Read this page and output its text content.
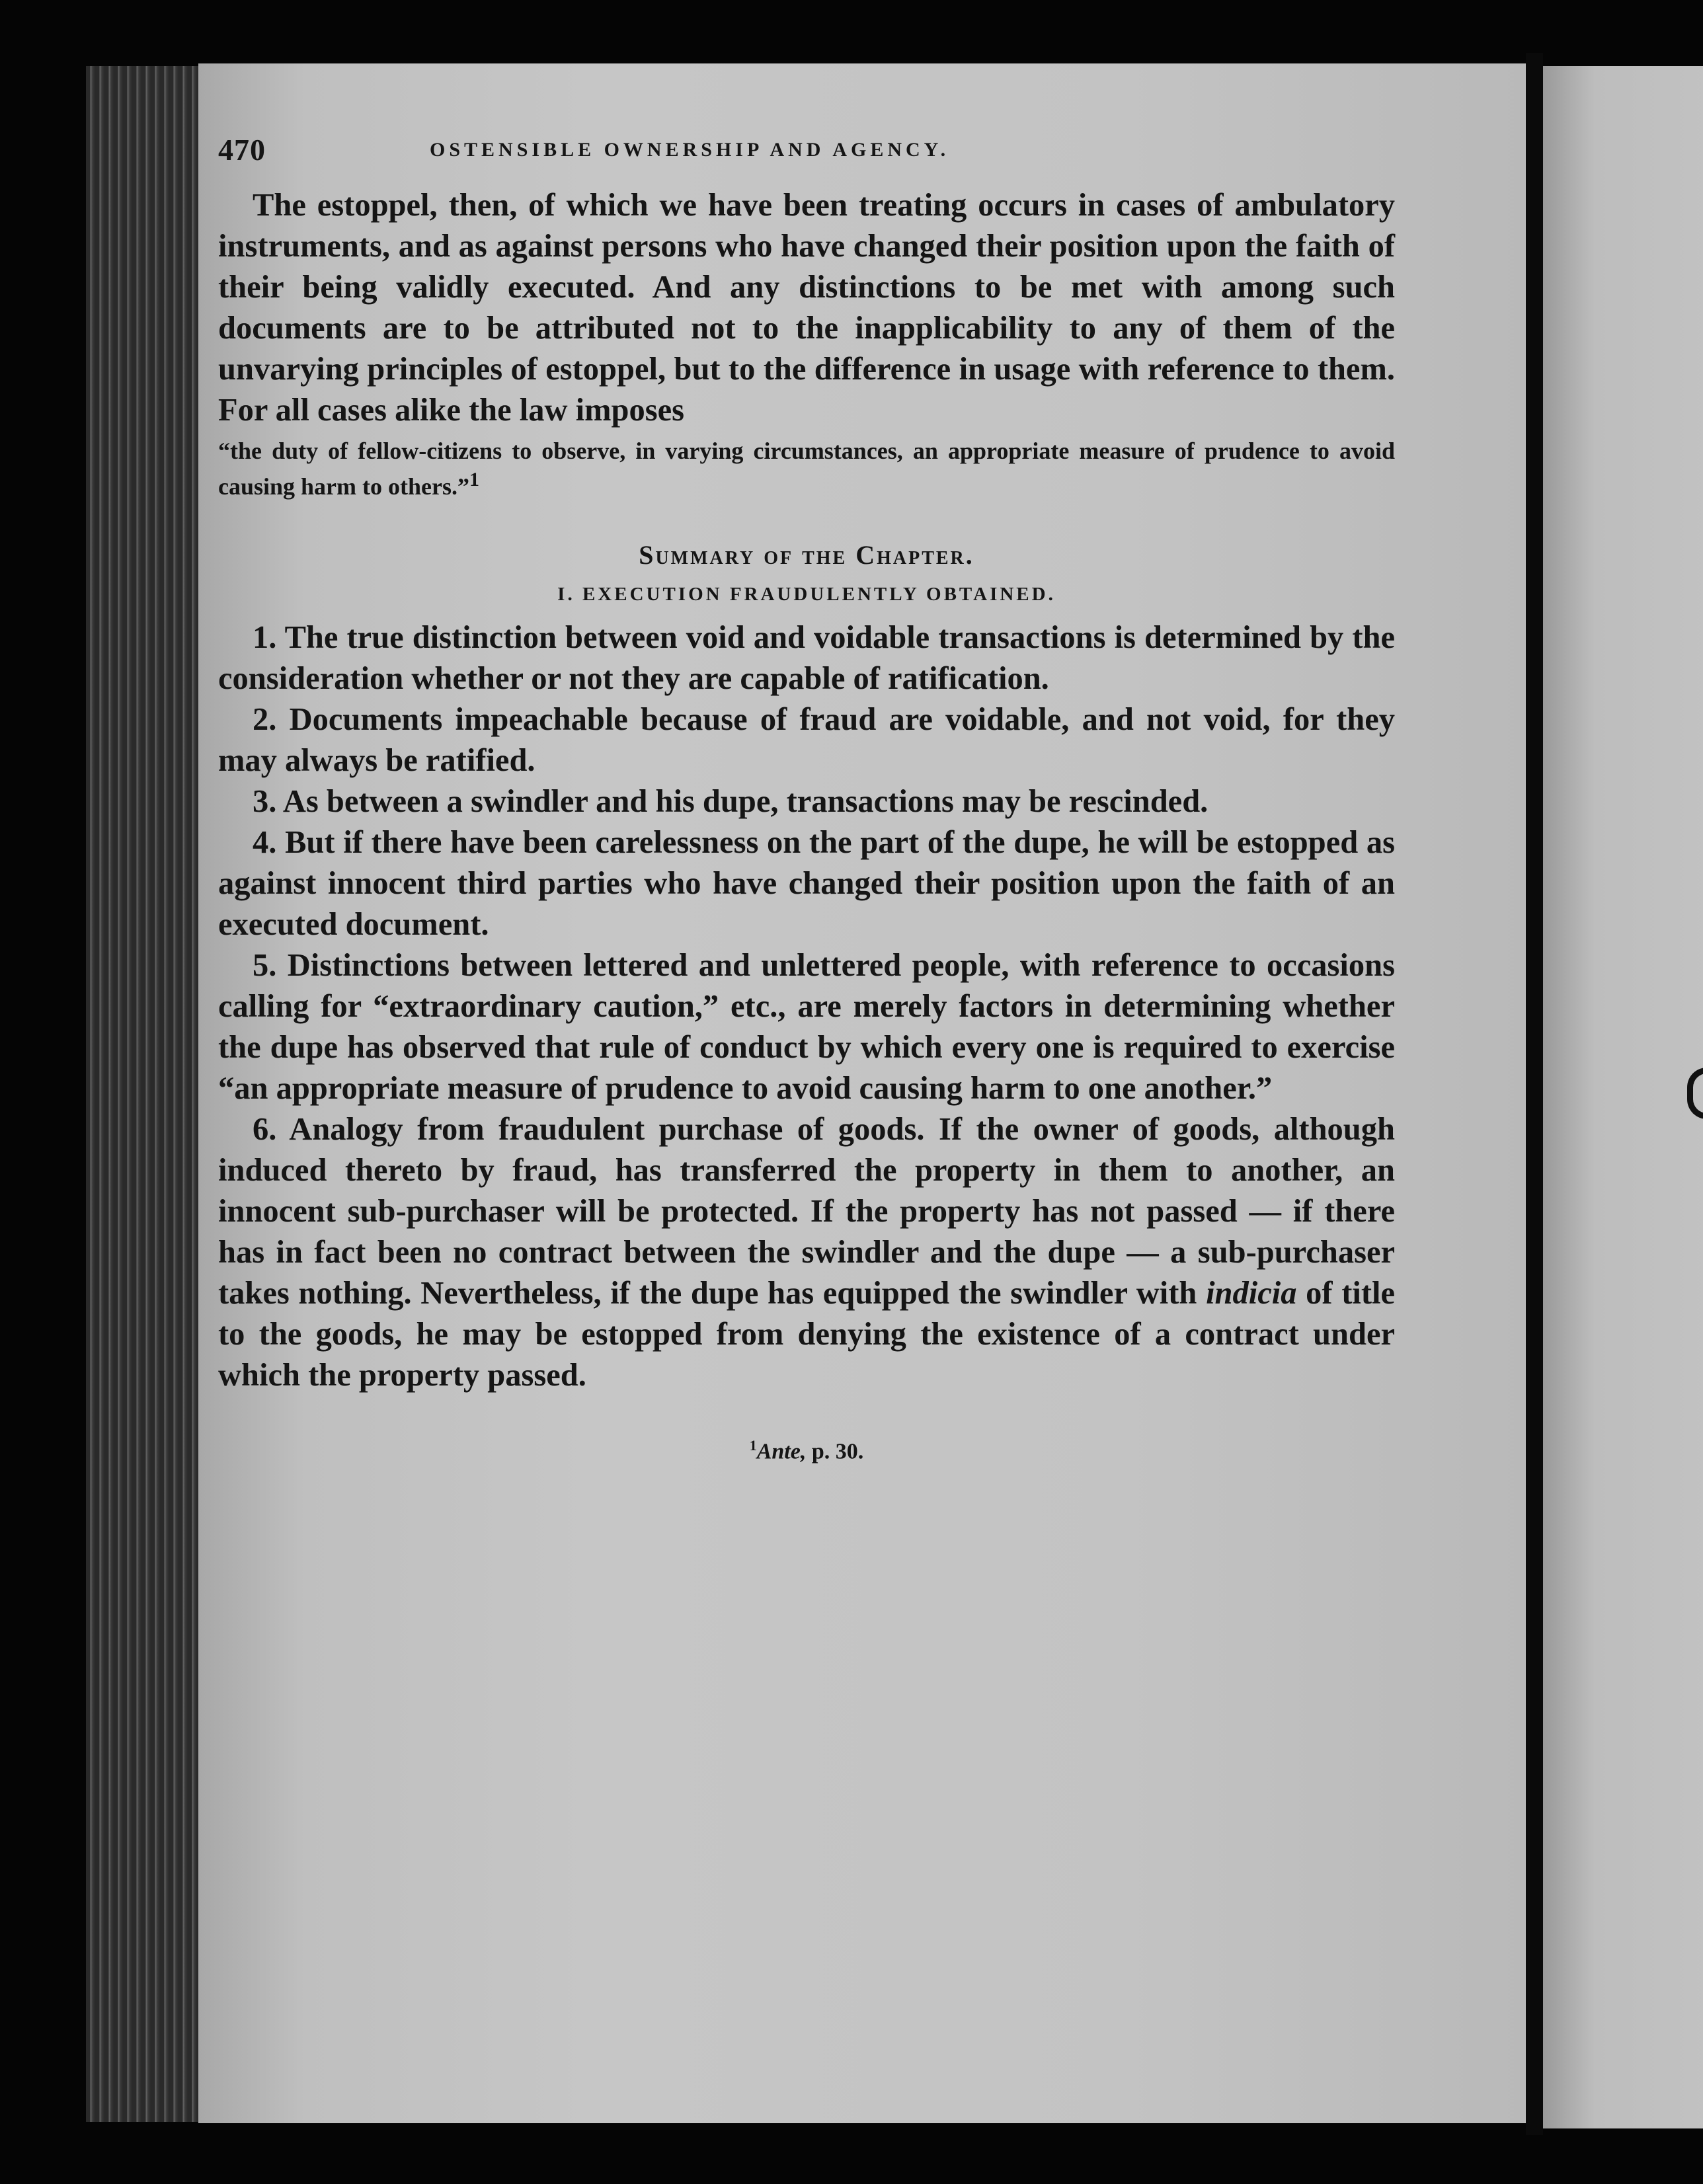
470	OSTENSIBLE OWNERSHIP AND AGENCY.

The estoppel, then, of which we have been treating occurs in cases of ambulatory instruments, and as against persons who have changed their position upon the faith of their being validly executed. And any distinctions to be met with among such documents are to be attributed not to the inapplicability to any of them of the unvarying principles of estoppel, but to the difference in usage with reference to them. For all cases alike the law imposes

“the duty of fellow-citizens to observe, in varying circumstances, an appropriate measure of prudence to avoid causing harm to others.”$^1$

Summary of the Chapter.
I. EXECUTION FRAUDULENTLY OBTAINED.

1. The true distinction between void and voidable transactions is determined by the consideration whether or not they are capable of ratification.

2. Documents impeachable because of fraud are voidable, and not void, for they may always be ratified.

3. As between a swindler and his dupe, transactions may be rescinded.

4. But if there have been carelessness on the part of the dupe, he will be estopped as against innocent third parties who have changed their position upon the faith of an executed document.

5. Distinctions between lettered and unlettered people, with reference to occasions calling for “extraordinary caution,” etc., are merely factors in determining whether the dupe has observed that rule of conduct by which every one is required to exercise “an appropriate measure of prudence to avoid causing harm to one another.”

6. Analogy from fraudulent purchase of goods. If the owner of goods, although induced thereto by fraud, has transferred the property in them to another, an innocent sub-purchaser will be protected. If the property has not passed — if there has in fact been no contract between the swindler and the dupe — a sub-purchaser takes nothing. Nevertheless, if the dupe has equipped the swindler with indicia of title to the goods, he may be estopped from denying the existence of a contract under which the property passed.

$^1$Ante, p. 30.
